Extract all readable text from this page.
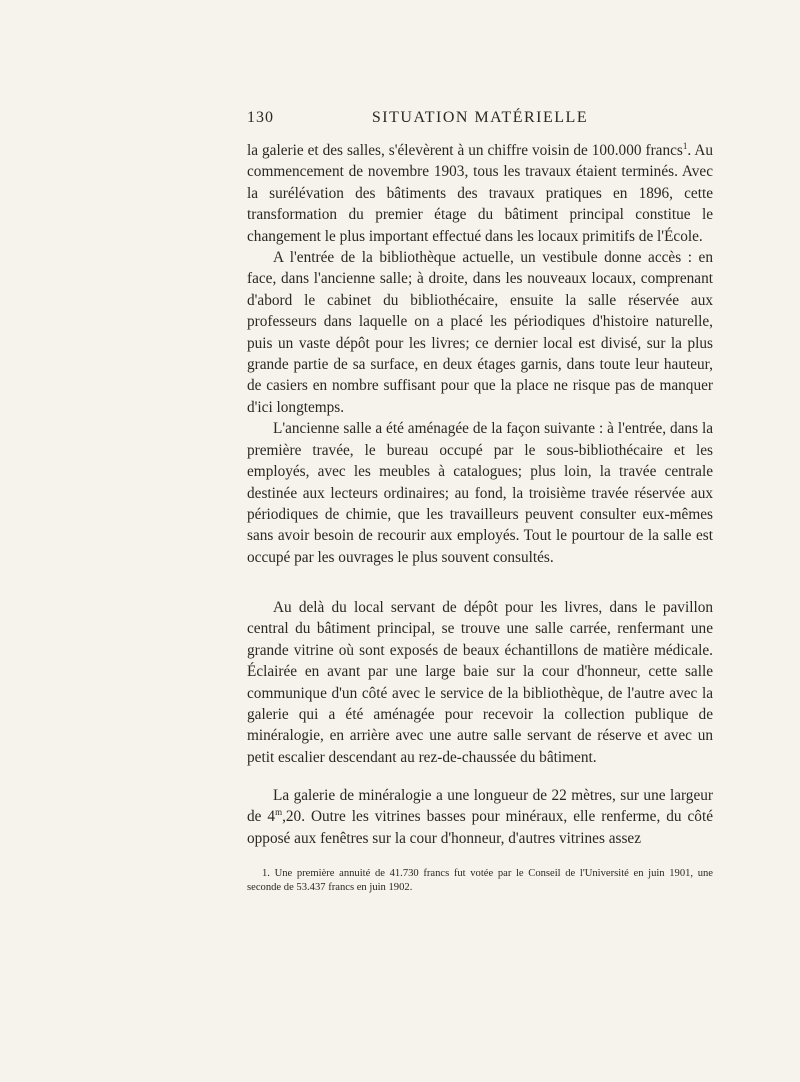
130	SITUATION MATÉRIELLE

la galerie et des salles, s'élevèrent à un chiffre voisin de 100.000 francs$^1$. Au commencement de novembre 1903, tous les travaux étaient terminés. Avec la surélévation des bâtiments des travaux pratiques en 1896, cette transformation du premier étage du bâtiment principal constitue le changement le plus important effectué dans les locaux primitifs de l'École.

A l'entrée de la bibliothèque actuelle, un vestibule donne accès : en face, dans l'ancienne salle; à droite, dans les nouveaux locaux, comprenant d'abord le cabinet du bibliothécaire, ensuite la salle réservée aux professeurs dans laquelle on a placé les périodiques d'histoire naturelle, puis un vaste dépôt pour les livres; ce dernier local est divisé, sur la plus grande partie de sa surface, en deux étages garnis, dans toute leur hauteur, de casiers en nombre suffisant pour que la place ne risque pas de manquer d'ici longtemps.

L'ancienne salle a été aménagée de la façon suivante : à l'entrée, dans la première travée, le bureau occupé par le sous-bibliothécaire et les employés, avec les meubles à catalogues; plus loin, la travée centrale destinée aux lecteurs ordinaires; au fond, la troisième travée réservée aux périodiques de chimie, que les travailleurs peuvent consulter eux-mêmes sans avoir besoin de recourir aux employés. Tout le pourtour de la salle est occupé par les ouvrages le plus souvent consultés.

Au delà du local servant de dépôt pour les livres, dans le pavillon central du bâtiment principal, se trouve une salle carrée, renfermant une grande vitrine où sont exposés de beaux échantillons de matière médicale. Éclairée en avant par une large baie sur la cour d'honneur, cette salle communique d'un côté avec le service de la bibliothèque, de l'autre avec la galerie qui a été aménagée pour recevoir la collection publique de minéralogie, en arrière avec une autre salle servant de réserve et avec un petit escalier descendant au rez-de-chaussée du bâtiment.

La galerie de minéralogie a une longueur de 22 mètres, sur une largeur de 4$^m$,20. Outre les vitrines basses pour minéraux, elle renferme, du côté opposé aux fenêtres sur la cour d'honneur, d'autres vitrines assez

1. Une première annuité de 41.730 francs fut votée par le Conseil de l'Université en juin 1901, une seconde de 53.437 francs en juin 1902.
